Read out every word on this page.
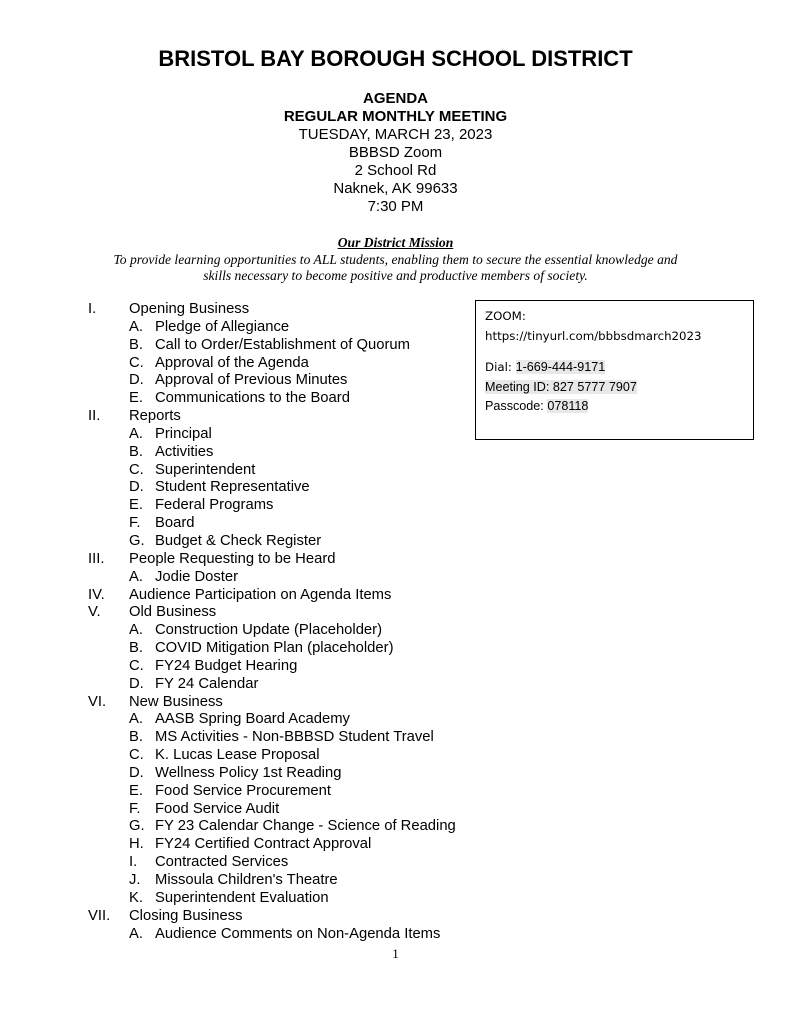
BRISTOL BAY BOROUGH SCHOOL DISTRICT
AGENDA
REGULAR MONTHLY MEETING
TUESDAY, MARCH 23, 2023
BBBSD Zoom
2 School Rd
Naknek, AK 99633
7:30 PM
Our District Mission
To provide learning opportunities to ALL students, enabling them to secure the essential knowledge and
skills necessary to become positive and productive members of society.
ZOOM:
https://tinyurl.com/bbbsdmarch2023
Dial: 1-669-444-9171
Meeting ID: 827 5777 7907
Passcode: 078118
I. Opening Business
A. Pledge of Allegiance
B. Call to Order/Establishment of Quorum
C. Approval of the Agenda
D. Approval of Previous Minutes
E. Communications to the Board
II. Reports
A. Principal
B. Activities
C. Superintendent
D. Student Representative
E. Federal Programs
F. Board
G. Budget & Check Register
III. People Requesting to be Heard
A. Jodie Doster
IV. Audience Participation on Agenda Items
V. Old Business
A. Construction Update (Placeholder)
B. COVID Mitigation Plan (placeholder)
C. FY24 Budget Hearing
D. FY 24 Calendar
VI. New Business
A. AASB Spring Board Academy
B. MS Activities - Non-BBBSD Student Travel
C. K. Lucas Lease Proposal
D. Wellness Policy 1st Reading
E. Food Service Procurement
F. Food Service Audit
G. FY 23 Calendar Change - Science of Reading
H. FY24 Certified Contract Approval
I. Contracted Services
J. Missoula Children's Theatre
K. Superintendent Evaluation
VII. Closing Business
A. Audience Comments on Non-Agenda Items
1
